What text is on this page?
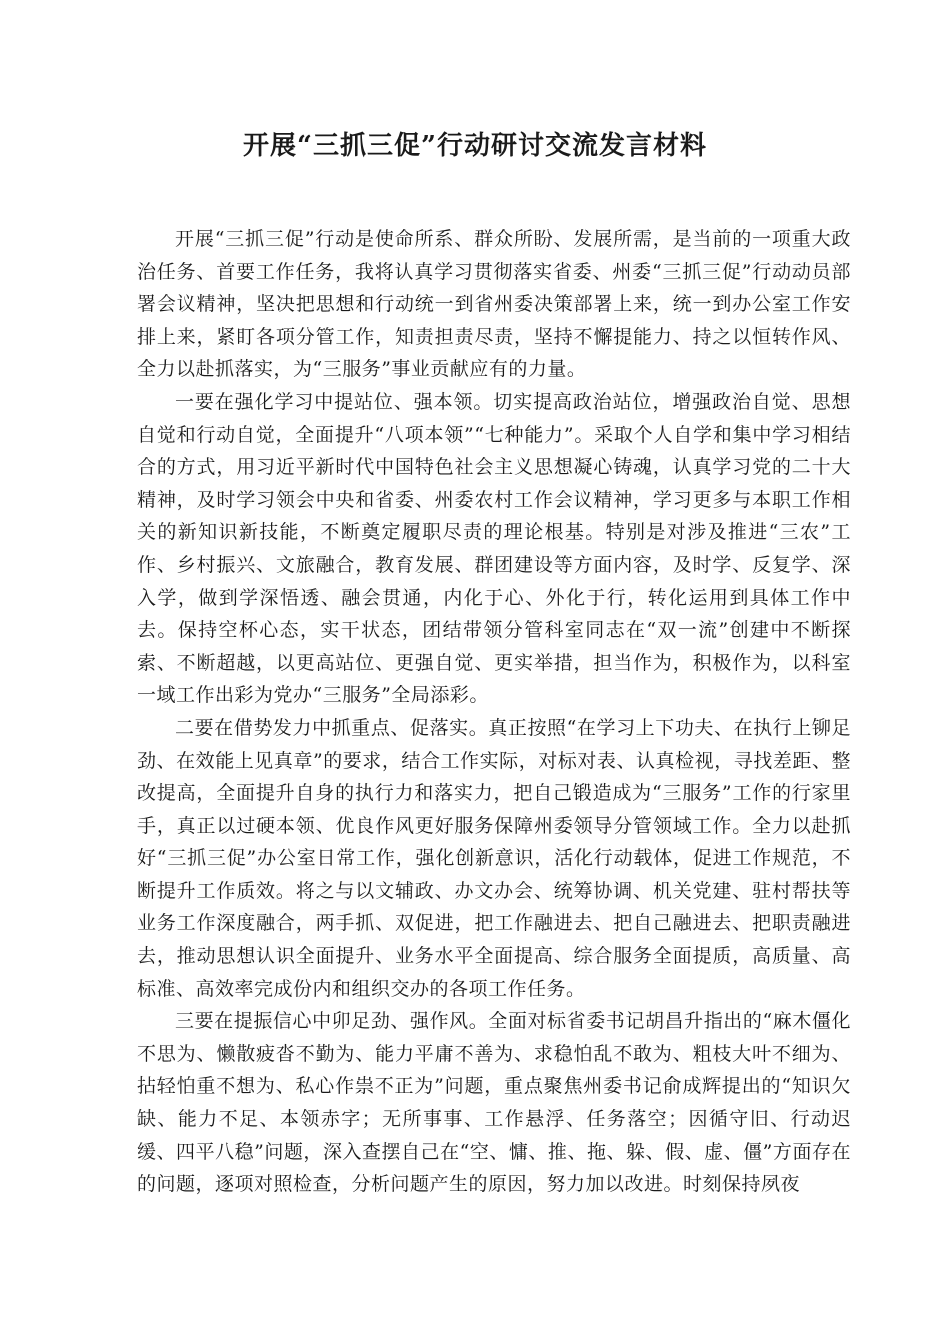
开展“三抓三促”行动研讨交流发言材料

开展“三抓三促”行动是使命所系、群众所盼、发展所需，是当前的一项重大政治任务、首要工作任务，我将认真学习贯彻落实省委、州委“三抓三促”行动动员部署会议精神，坚决把思想和行动统一到省州委决策部署上来，统一到办公室工作安排上来，紧盯各项分管工作，知责担责尽责，坚持不懈提能力、持之以恒转作风、全力以赴抓落实，为“三服务”事业贡献应有的力量。

一要在强化学习中提站位、强本领。切实提高政治站位，增强政治自觉、思想自觉和行动自觉，全面提升“八项本领”“七种能力”。采取个人自学和集中学习相结合的方式，用习近平新时代中国特色社会主义思想凝心铸魂，认真学习党的二十大精神，及时学习领会中央和省委、州委农村工作会议精神，学习更多与本职工作相关的新知识新技能，不断奠定履职尽责的理论根基。特别是对涉及推进“三农”工作、乡村振兴、文旅融合，教育发展、群团建设等方面内容，及时学、反复学、深入学，做到学深悟透、融会贯通，内化于心、外化于行，转化运用到具体工作中去。保持空杯心态，实干状态，团结带领分管科室同志在“双一流”创建中不断探索、不断超越，以更高站位、更强自觉、更实举措，担当作为，积极作为，以科室一域工作出彩为党办“三服务”全局添彩。

二要在借势发力中抓重点、促落实。真正按照“在学习上下功夫、在执行上铆足劲、在效能上见真章”的要求，结合工作实际，对标对表、认真检视，寻找差距、整改提高，全面提升自身的执行力和落实力，把自己锻造成为“三服务”工作的行家里手，真正以过硬本领、优良作风更好服务保障州委领导分管领域工作。全力以赴抓好“三抓三促”办公室日常工作，强化创新意识，活化行动载体，促进工作规范，不断提升工作质效。将之与以文辅政、办文办会、统筹协调、机关党建、驻村帮扶等业务工作深度融合，两手抓、双促进，把工作融进去、把自己融进去、把职责融进去，推动思想认识全面提升、业务水平全面提高、综合服务全面提质，高质量、高标准、高效率完成份内和组织交办的各项工作任务。

三要在提振信心中卯足劲、强作风。全面对标省委书记胡昌升指出的“麻木僵化不思为、懒散疲沓不勤为、能力平庸不善为、求稳怕乱不敢为、粗枝大叶不细为、拈轻怕重不想为、私心作祟不正为”问题，重点聚焦州委书记俞成辉提出的“知识欠缺、能力不足、本领赤字；无所事事、工作悬浮、任务落空；因循守旧、行动迟缓、四平八稳”问题，深入查摆自己在“空、慵、推、拖、躲、假、虚、僵”方面存在的问题，逐项对照检查，分析问题产生的原因，努力加以改进。时刻保持夙夜
